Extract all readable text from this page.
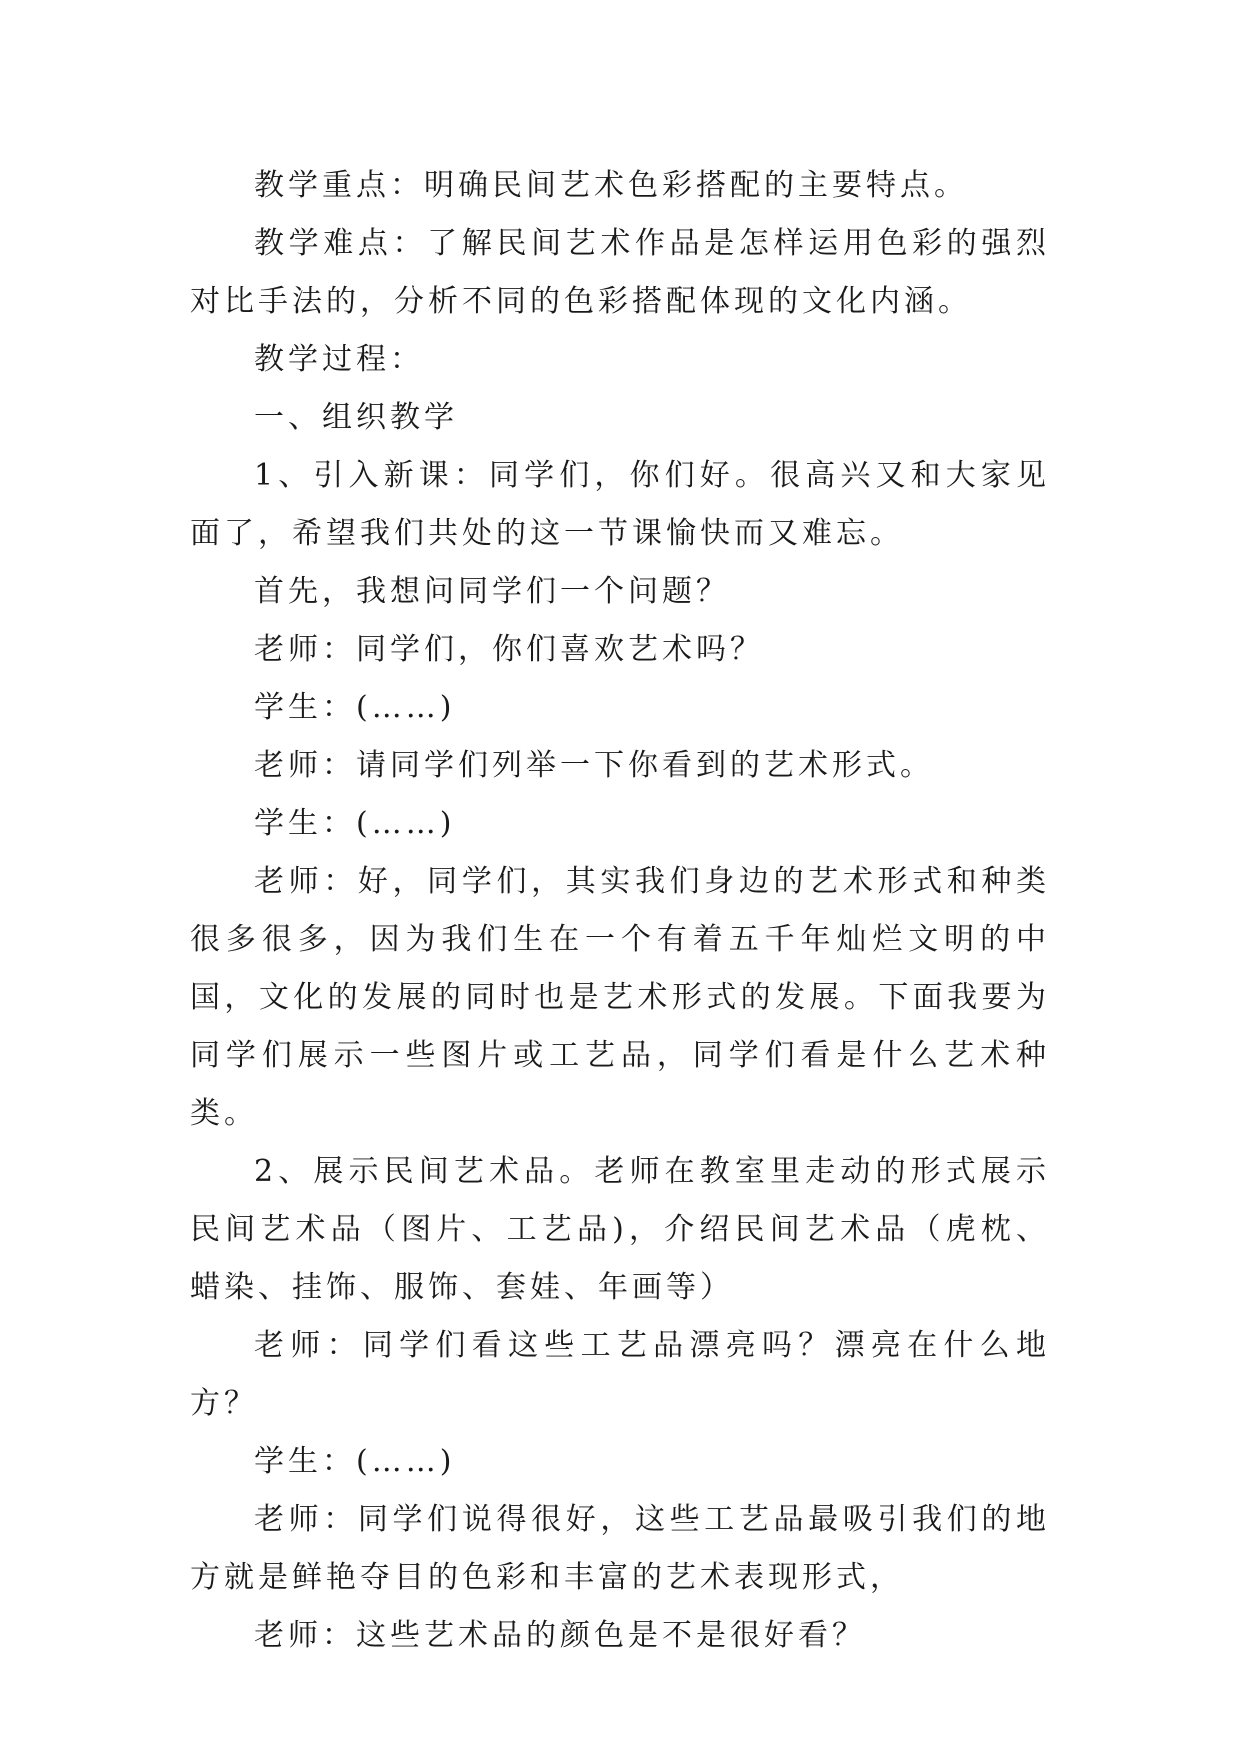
教学重点：明确民间艺术色彩搭配的主要特点。

教学难点：了解民间艺术作品是怎样运用色彩的强烈对比手法的，分析不同的色彩搭配体现的文化内涵。

教学过程：

一、组织教学

1、引入新课：同学们，你们好。很高兴又和大家见面了，希望我们共处的这一节课愉快而又难忘。

首先，我想问同学们一个问题？

老师：同学们，你们喜欢艺术吗？

学生：(……)

老师：请同学们列举一下你看到的艺术形式。

学生：(……)

老师：好，同学们，其实我们身边的艺术形式和种类很多很多，因为我们生在一个有着五千年灿烂文明的中国，文化的发展的同时也是艺术形式的发展。下面我要为同学们展示一些图片或工艺品，同学们看是什么艺术种类。

2、展示民间艺术品。老师在教室里走动的形式展示民间艺术品（图片、工艺品)，介绍民间艺术品（虎枕、蜡染、挂饰、服饰、套娃、年画等）

老师：同学们看这些工艺品漂亮吗？漂亮在什么地方？

学生：(……)

老师：同学们说得很好，这些工艺品最吸引我们的地方就是鲜艳夺目的色彩和丰富的艺术表现形式，

老师：这些艺术品的颜色是不是很好看？
